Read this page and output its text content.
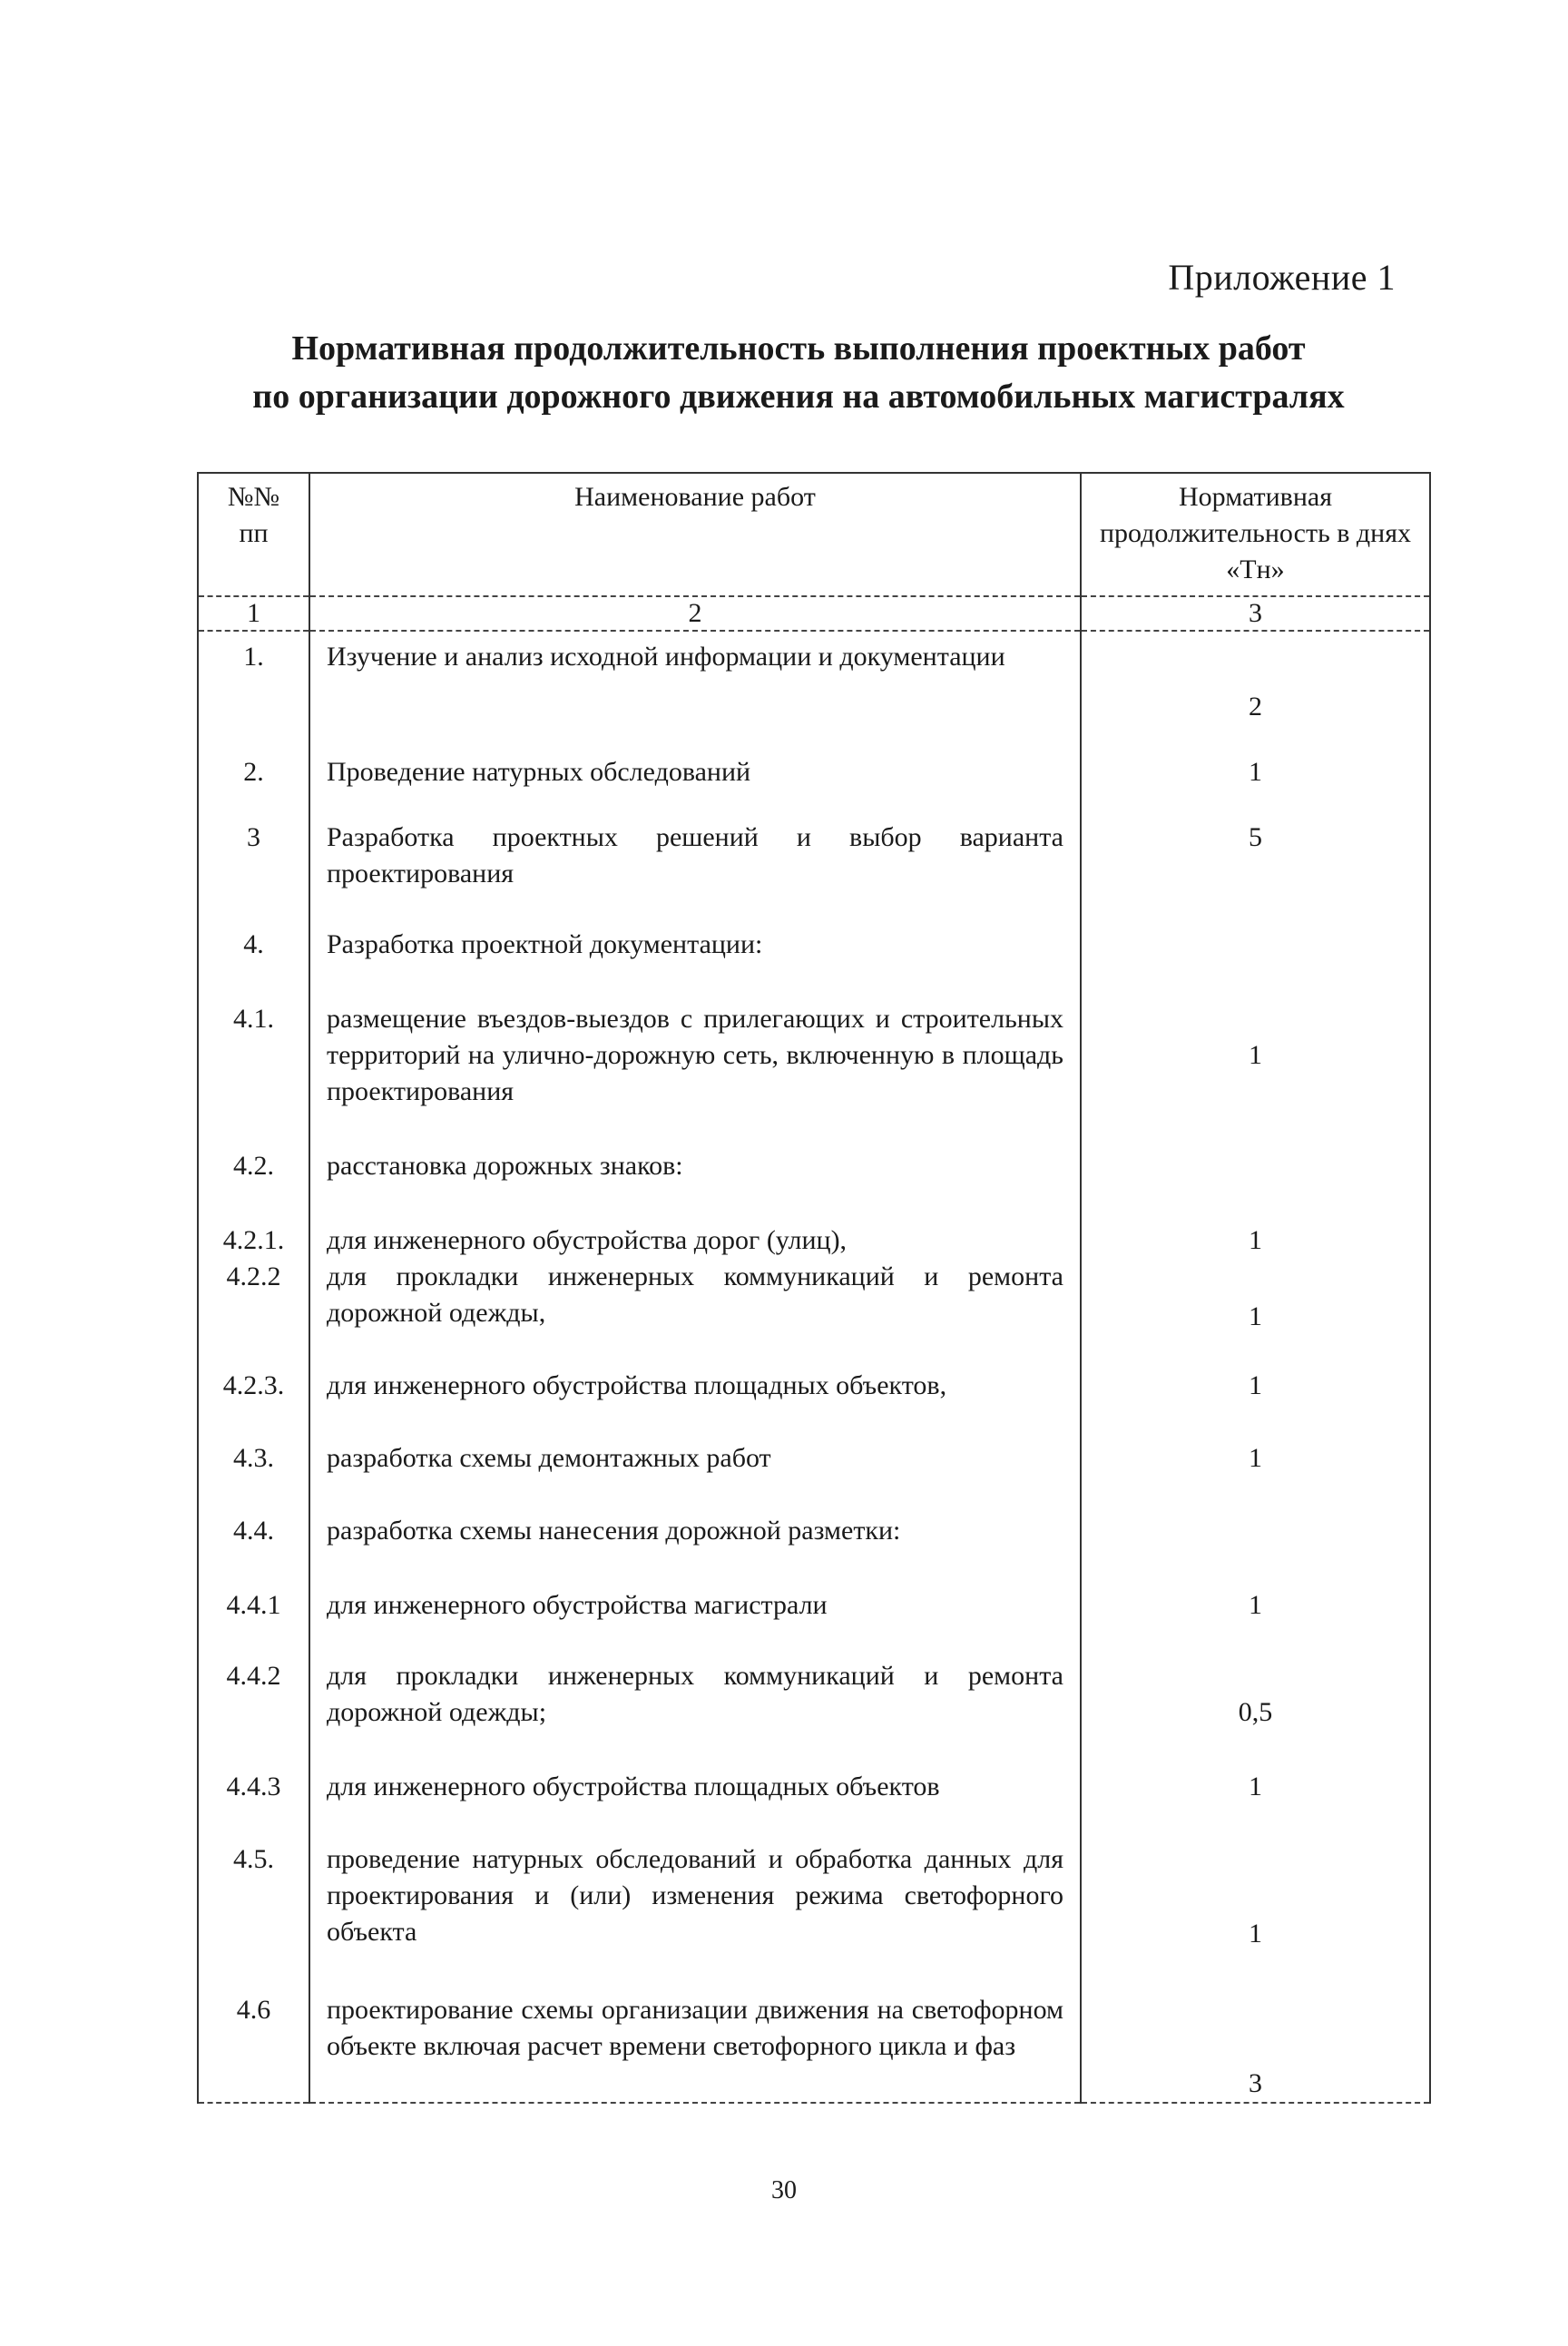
Приложение 1
Нормативная продолжительность выполнения проектных работ
по организации дорожного движения на автомобильных магистралях
№№ пп	Наименование работ	Нормативная продолжительность в днях «Тн»
1	2	3
1.	Изучение и анализ исходной информации и документации	2
2.	Проведение натурных обследований	1
3	Разработка проектных решений и выбор варианта проектирования	5
4.	Разработка проектной документации:	
4.1.	размещение въездов-выездов с прилегающих и строительных территорий на улично-дорожную сеть, включенную в площадь проектирования	1
4.2.	расстановка дорожных знаков:	
4.2.1.	для инженерного обустройства дорог (улиц),	1
4.2.2	для прокладки инженерных коммуникаций и ремонта дорожной одежды,	1
4.2.3.	для инженерного обустройства площадных объектов,	1
4.3.	разработка схемы демонтажных работ	1
4.4.	разработка схемы нанесения дорожной разметки:	
4.4.1	для инженерного обустройства магистрали	1
4.4.2	для прокладки инженерных коммуникаций и ремонта дорожной одежды;	0,5
4.4.3	для инженерного обустройства площадных объектов	1
4.5.	проведение натурных обследований и обработка данных для проектирования и (или) изменения режима светофорного объекта	1
4.6	проектирование схемы организации движения на светофорном объекте включая расчет времени светофорного цикла и фаз	3
30
